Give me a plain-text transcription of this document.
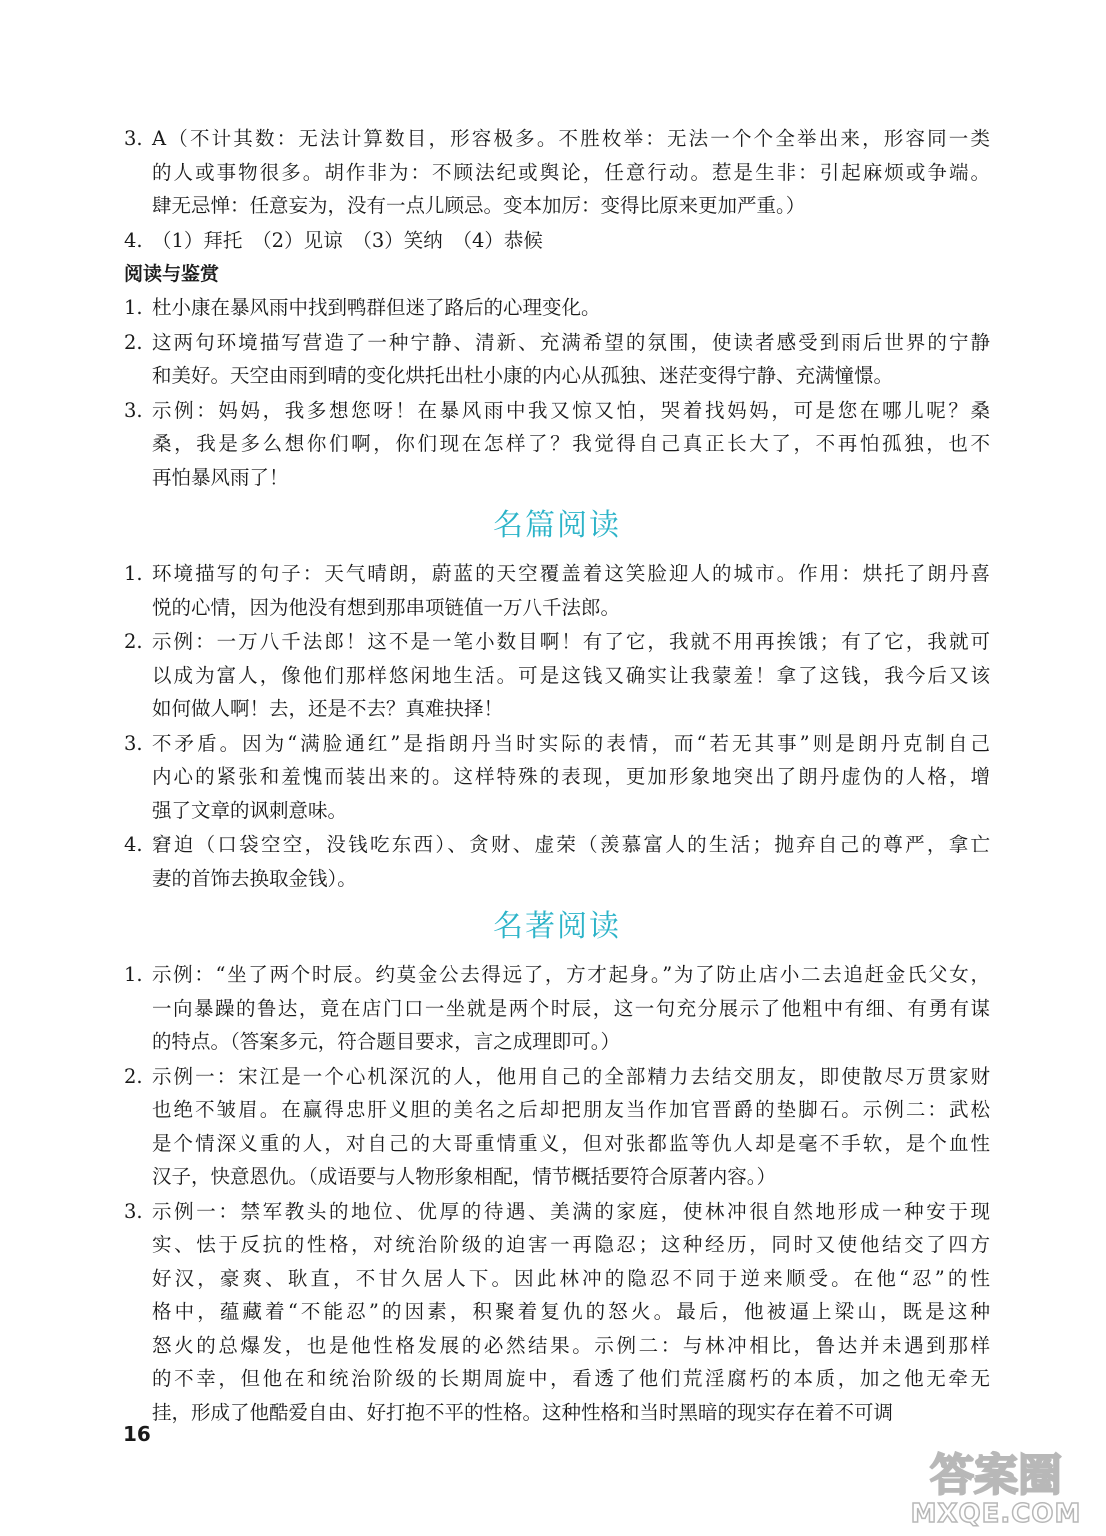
3. A（不计其数：无法计算数目，形容极多。不胜枚举：无法一个个全举出来，形容同一类
的人或事物很多。胡作非为：不顾法纪或舆论，任意行动。惹是生非：引起麻烦或争端。
肆无忌惮：任意妄为，没有一点儿顾忌。变本加厉：变得比原来更加严重。）
4. （1）拜托　（2）见谅　（3）笑纳　（4）恭候
阅读与鉴赏
1. 杜小康在暴风雨中找到鸭群但迷了路后的心理变化。
2. 这两句环境描写营造了一种宁静、清新、充满希望的氛围，使读者感受到雨后世界的宁静
和美好。天空由雨到晴的变化烘托出杜小康的内心从孤独、迷茫变得宁静、充满憧憬。
3. 示例：妈妈，我多想您呀！在暴风雨中我又惊又怕，哭着找妈妈，可是您在哪儿呢？桑
桑，我是多么想你们啊，你们现在怎样了？我觉得自己真正长大了，不再怕孤独，也不
再怕暴风雨了！
名篇阅读
1. 环境描写的句子：天气晴朗，蔚蓝的天空覆盖着这笑脸迎人的城市。作用：烘托了朗丹喜
悦的心情，因为他没有想到那串项链值一万八千法郎。
2. 示例：一万八千法郎！这不是一笔小数目啊！有了它，我就不用再挨饿；有了它，我就可
以成为富人，像他们那样悠闲地生活。可是这钱又确实让我蒙羞！拿了这钱，我今后又该
如何做人啊！去，还是不去？真难抉择！
3. 不矛盾。因为“满脸通红”是指朗丹当时实际的表情，而“若无其事”则是朗丹克制自己
内心的紧张和羞愧而装出来的。这样特殊的表现，更加形象地突出了朗丹虚伪的人格，增
强了文章的讽刺意味。
4. 窘迫（口袋空空，没钱吃东西）、贪财、虚荣（羡慕富人的生活；抛弃自己的尊严，拿亡
妻的首饰去换取金钱）。
名著阅读
1. 示例：“坐了两个时辰。约莫金公去得远了，方才起身。”为了防止店小二去追赶金氏父女，
一向暴躁的鲁达，竟在店门口一坐就是两个时辰，这一句充分展示了他粗中有细、有勇有谋
的特点。（答案多元，符合题目要求，言之成理即可。）
2. 示例一：宋江是一个心机深沉的人，他用自己的全部精力去结交朋友，即使散尽万贯家财
也绝不皱眉。在赢得忠肝义胆的美名之后却把朋友当作加官晋爵的垫脚石。示例二：武松
是个情深义重的人，对自己的大哥重情重义，但对张都监等仇人却是毫不手软，是个血性
汉子，快意恩仇。（成语要与人物形象相配，情节概括要符合原著内容。）
3. 示例一：禁军教头的地位、优厚的待遇、美满的家庭，使林冲很自然地形成一种安于现
实、怯于反抗的性格，对统治阶级的迫害一再隐忍；这种经历，同时又使他结交了四方
好汉，豪爽、耿直，不甘久居人下。因此林冲的隐忍不同于逆来顺受。在他“忍”的性
格中，蕴藏着“不能忍”的因素，积聚着复仇的怒火。最后，他被逼上梁山，既是这种
怒火的总爆发，也是他性格发展的必然结果。示例二：与林冲相比，鲁达并未遇到那样
的不幸，但他在和统治阶级的长期周旋中，看透了他们荒淫腐朽的本质，加之他无牵无
挂，形成了他酷爱自由、好打抱不平的性格。这种性格和当时黑暗的现实存在着不可调
16
答案圈
MXQE.COM
